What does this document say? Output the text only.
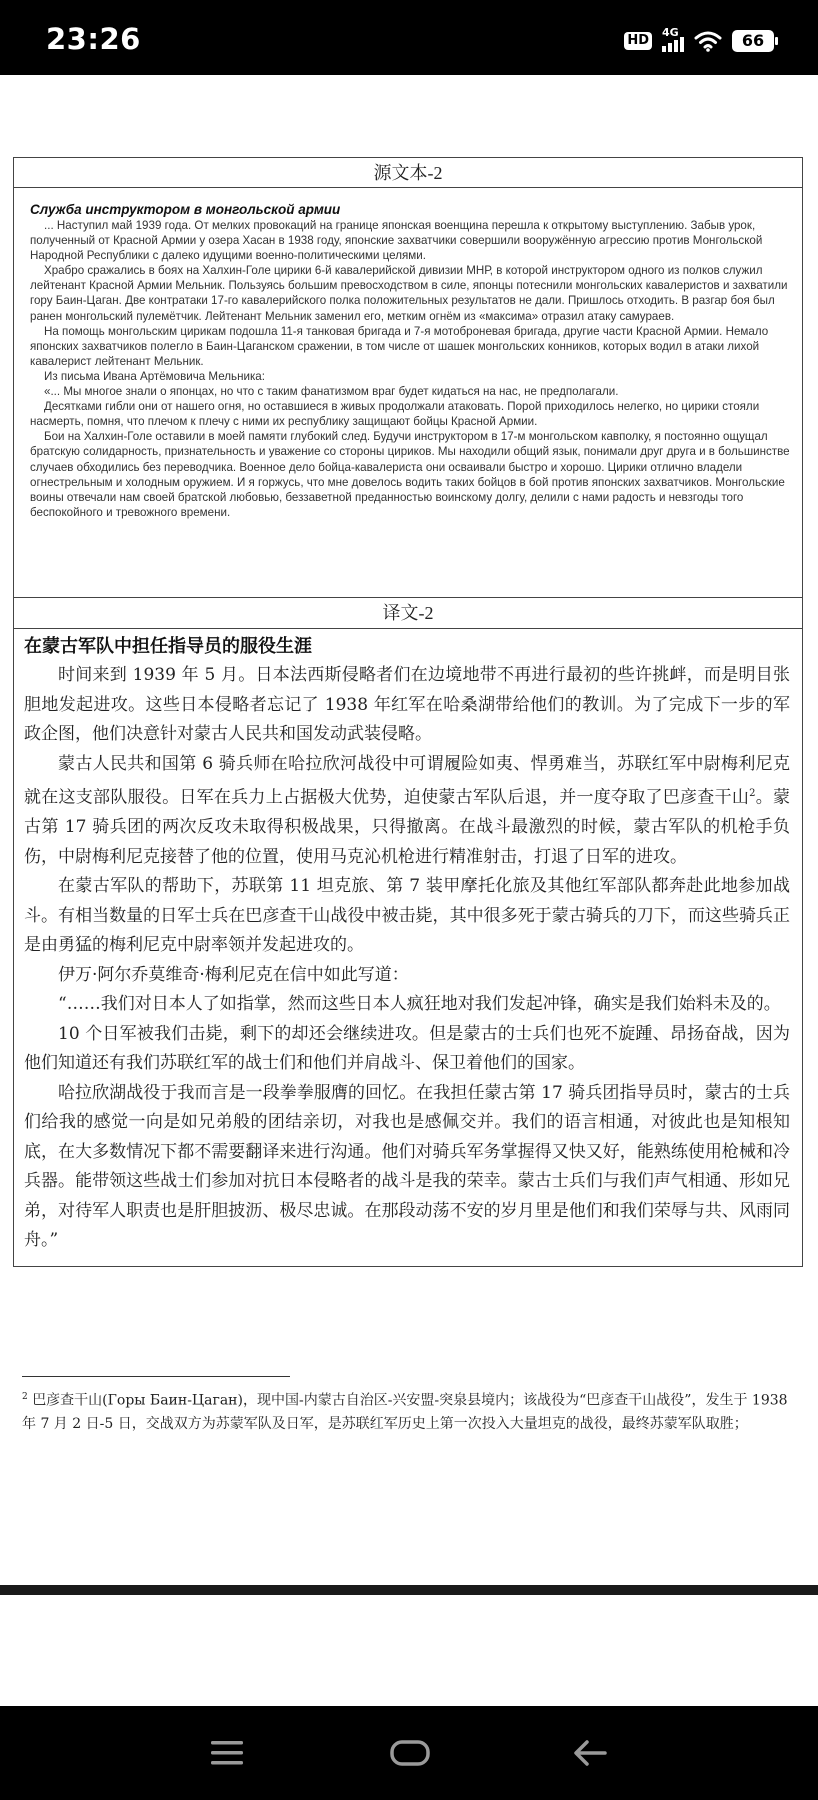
23:26	HD
4G	66
源文本-2
Служба инструктором в монгольской армии

... Наступил май 1939 года. От мелких провокаций на границе японская военщина перешла к открытому выступлению. Забыв урок, полученный от Красной Армии у озера Хасан в 1938 году, японские захватчики совершили вооружённую агрессию против Монгольской Народной Республики с далеко идущими военно-политическими целями.

Храбро сражались в боях на Халхин-Голе цирики 6-й кавалерийской дивизии МНР, в которой инструктором одного из полков служил лейтенант Красной Армии Мельник. Пользуясь большим превосходством в силе, японцы потеснили монгольских кавалеристов и захватили гору Баин-Цаган. Две контратаки 17-го кавалерийского полка положительных результатов не дали. Пришлось отходить. В разгар боя был ранен монгольский пулемётчик. Лейтенант Мельник заменил его, метким огнём из «максима» отразил атаку самураев.

На помощь монгольским цирикам подошла 11-я танковая бригада и 7-я мотоброневая бригада, другие части Красной Армии. Немало японских захватчиков полегло в Баин-Цаганском сражении, в том числе от шашек монгольских конников, которых водил в атаки лихой кавалерист лейтенант Мельник.

Из письма Ивана Артёмовича Мельника:

«... Мы многое знали о японцах, но что с таким фанатизмом враг будет кидаться на нас, не предполагали.

Десятками гибли они от нашего огня, но оставшиеся в живых продолжали атаковать. Порой приходилось нелегко, но цирики стояли насмерть, помня, что плечом к плечу с ними их республику защищают бойцы Красной Армии.

Бои на Халхин-Голе оставили в моей памяти глубокий след. Будучи инструктором в 17-м монгольском кавполку, я постоянно ощущал братскую солидарность, признательность и уважение со стороны цириков. Мы находили общий язык, понимали друг друга и в большинстве случаев обходились без переводчика. Военное дело бойца-кавалериста они осваивали быстро и хорошо. Цирики отлично владели огнестрельным и холодным оружием. И я горжусь, что мне довелось водить таких бойцов в бой против японских захватчиков. Монгольские воины отвечали нам своей братской любовью, беззаветной преданностью воинскому долгу, делили с нами радость и невзгоды того беспокойного и тревожного времени.

译文-2
在蒙古军队中担任指导员的服役生涯

时间来到 1939 年 5 月。日本法西斯侵略者们在边境地带不再进行最初的些许挑衅，而是明目张胆地发起进攻。这些日本侵略者忘记了 1938 年红军在哈桑湖带给他们的教训。为了完成下一步的军政企图，他们决意针对蒙古人民共和国发动武装侵略。

蒙古人民共和国第 6 骑兵师在哈拉欣河战役中可谓履险如夷、悍勇难当，苏联红军中尉梅利尼克就在这支部队服役。日军在兵力上占据极大优势，迫使蒙古军队后退，并一度夺取了巴彦查干山$^2$。蒙古第 17 骑兵团的两次反攻未取得积极战果，只得撤离。在战斗最激烈的时候，蒙古军队的机枪手负伤，中尉梅利尼克接替了他的位置，使用马克沁机枪进行精准射击，打退了日军的进攻。

在蒙古军队的帮助下，苏联第 11 坦克旅、第 7 装甲摩托化旅及其他红军部队都奔赴此地参加战斗。有相当数量的日军士兵在巴彦查干山战役中被击毙，其中很多死于蒙古骑兵的刀下，而这些骑兵正是由勇猛的梅利尼克中尉率领并发起进攻的。

伊万·阿尔乔莫维奇·梅利尼克在信中如此写道：

“……我们对日本人了如指掌，然而这些日本人疯狂地对我们发起冲锋，确实是我们始料未及的。

10 个日军被我们击毙，剩下的却还会继续进攻。但是蒙古的士兵们也死不旋踵、昂扬奋战，因为他们知道还有我们苏联红军的战士们和他们并肩战斗、保卫着他们的国家。

哈拉欣湖战役于我而言是一段拳拳服膺的回忆。在我担任蒙古第 17 骑兵团指导员时，蒙古的士兵们给我的感觉一向是如兄弟般的团结亲切，对我也是感佩交并。我们的语言相通，对彼此也是知根知底，在大多数情况下都不需要翻译来进行沟通。他们对骑兵军务掌握得又快又好，能熟练使用枪械和冷兵器。能带领这些战士们参加对抗日本侵略者的战斗是我的荣幸。蒙古士兵们与我们声气相通、形如兄弟，对待军人职责也是肝胆披沥、极尽忠诚。在那段动荡不安的岁月里是他们和我们荣辱与共、风雨同舟。”

$^2$ 巴彦查干山(Горы Баин-Цаган)，现中国-内蒙古自治区-兴安盟-突泉县境内；该战役为“巴彦查干山战役”，发生于 1938 年 7 月 2 日-5 日，交战双方为苏蒙军队及日军，是苏联红军历史上第一次投入大量坦克的战役，最终苏蒙军队取胜；
